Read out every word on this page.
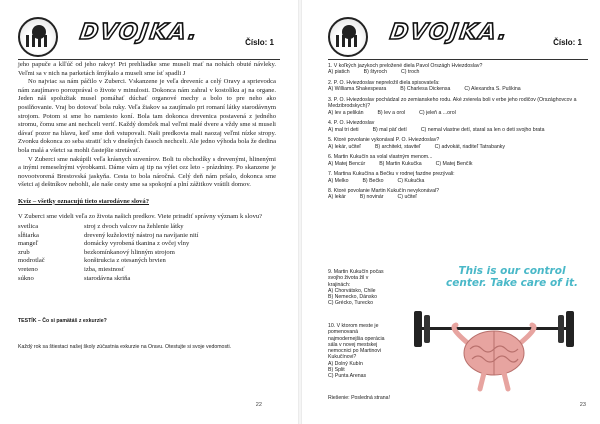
DVOJKA.	Číslo: 1

jeho papuče a klľúč od jeho rakvy! Pri prehliadke sme museli mať na nohách obuté návleky. Veľmi sa v nich na parketách šmýkalo a museli sme ísť spadli J

No najviac sa nám páčilo v Zuberci. Vskanzene je veľa dreveníc a celý Oravy a sprievodca nám zaujímavo porozprával o živote v minulosti. Dokonca nám zahral v kostolíku aj na organe. Jeden náš spolužiak musel pomáhať dúchať organové mechy a bolo to pre neho ako posilňovanie. Vraj bo dotovať bola ruky. Veľa žiakov sa zaujímalo pri romaní látky starodávnym strojom. Potom si sme ho namiesto koní. Bola tam dokonca drevenica postavená z jedného stromu, čomu sme ani nechceli veriť. Každý domček mal veľmi malé dvere a vždy sme si museli dávať pozor na hlavu, keď sme doň vstupovali. Naši predkovia mali naozaj veľmi nízke stropy. Zvonku dokonca zo seba stratiť ich v dnešných časoch nechceli. Ale jedno výhoda bola že dedina bola malá a všetci sa mohli častejšie stretávať.

V Zuberci sme nakúpili veľa krásnych suvenírov. Boli tu obchodíky s drevenými, hlinenými a inými remeselnými výrobkami. Dáme vám aj tip na výlet cez leto - prázdniny. Po skanzene je novootvorená Brestovská jaskyňa. Cesta to bola náročná. Celý deň nám pršalo, dokonca sme všetci aj deštníkov nebohli, ale naše cesty sme sa spokojní a plní zážitkov vrátili domov.

Kvíz – všetky oznacujú tieto starodávne slová?

V Zuberci sme videli veľa zo života našich predkov. Viete priradiť správny význam k slovu?

svetlica	stroj z dvoch valcov na žehlenie látky
sĺňiarka	drevený kuželovitý nástroj na navíjanie nití
mangeľ	domácky vyrobená tkanina z ovčej vlny
zrub	bezkomínkanový hlinným strojom
modrotlač	konštrukcia z otesaných brvien
vreteno	izba, miestnosť
súkno	starodávna skriňa
TESTÍK – Čo si pamätáš z exkurzie?
Každý rok sa štiestaci našej školy zúčastnia exkurzie na Oravu. Otestujte si svoje vedomosti.
22
DVOJKA.	Číslo: 1
1. V koľkých jazykoch preložené diela Pavol Országh Hviezdoslav?
A) piatich	B) štyroch	C) troch
2. P. O. Hviezdoslav nepreložil diela spisovateľa:
A) Williama Shakespeara	B) Charlesa Dickensa	C) Alexandra S. Puškina
3. P. O. Hviezdoslav pochádzal zo zemianskeho rodu. Aké zvierela boli v erbe jeho rodičov (Országhovcov a Medzibrodskych)?
A) lev a pelikán	B) lev a orol	C) jeleň a ...orol
4. P. O. Hviezdoslav
A) mal tri deti	B) mal päť detí	C) nemal vlastne detí, staral sa len o deti svojho brata
5. Ktoré povolanie vykonával P. O. Hviezdoslav?
A) lekár, učiteľ	B) architekt, staviteľ	C) advokát, riaditeľ Tatrabanky
6. Martin Kukučín sa volal vlastným menom...
A) Matej Bencúr	B) Martin Kukučka	C) Matej Benčík
7. Martina Kukučína a Bečku v rodnej fazdne prezývali:
A) Melko	B) Bečko	C) Kukučka
8. Ktoré povolanie Martin Kukučín nevykonával?
A) lekár	B) novinár	C) učiteľ
9. Martin Kukučín počas svojho života žil v krajinách:
A) Chorvátsko, Chile
B) Nemecko, Dánsko
C) Grécko, Turecko
10. V ktorom meste je pomenovaná najmodernejšia operácia sála v novej mestskej nemocnici po Martinovi Kukučínovi?
A) Dolný Kubín
B) Split
C) Punta Arenas
Riešenie: Posledná strana!
This is our control center. Take care of it.
23
